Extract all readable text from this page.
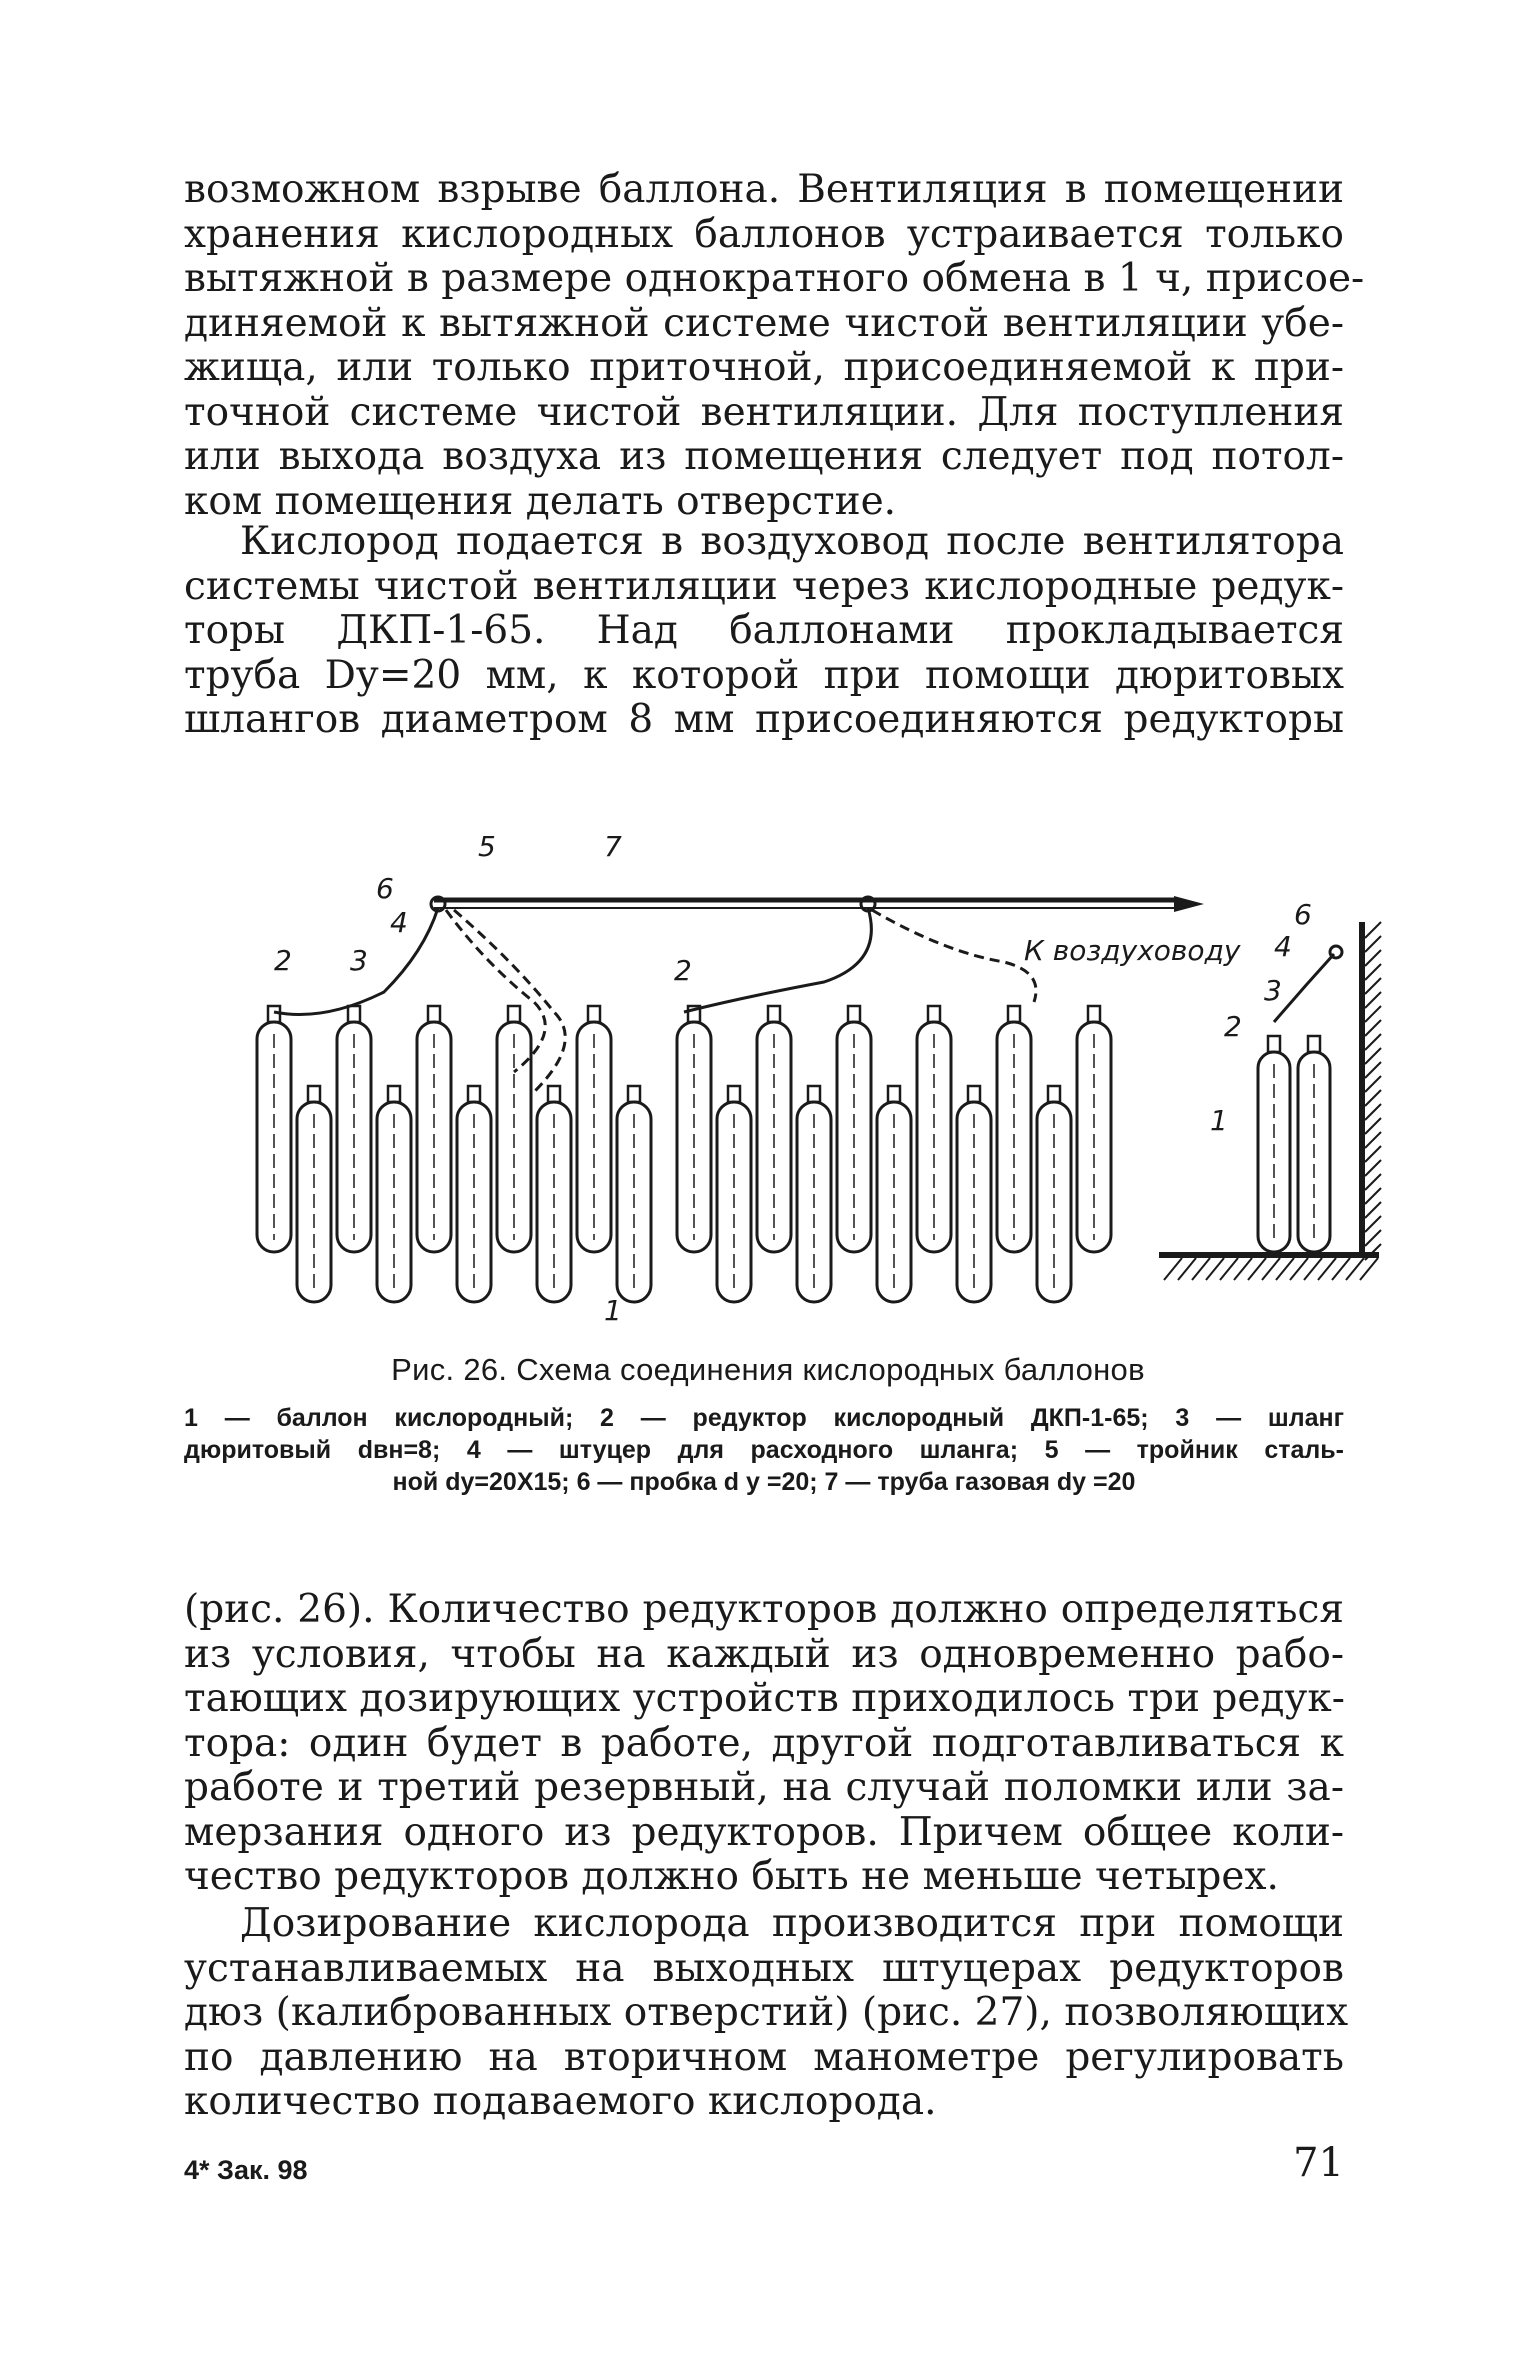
возможном взрыве баллона. Вентиляция в помещении
хранения кислородных баллонов устраивается только
вытяжной в размере однократного обмена в 1 ч, присое-
диняемой к вытяжной системе чистой вентиляции убе-
жища, или только приточной, присоединяемой к при-
точной системе чистой вентиляции. Для поступления
или выхода воздуха из помещения следует под потол-
ком помещения делать отверстие.
Кислород подается в воздуховод после вентилятора
системы чистой вентиляции через кислородные редук-
торы ДКП-1-65. Над баллонами прокладывается
труба Dу=20 мм, к которой при помощи дюритовых
шлангов диаметром 8 мм присоединяются редукторы
5	7
6
4
3
2	2
1
К воздуховоду
6
4
3
2
1
Рис. 26. Схема соединения кислородных баллонов
1 — баллон кислородный; 2 — редуктор кислородный ДКП-1-65; 3 — шланг
дюритовый dвн=8; 4 — штуцер для расходного шланга; 5 — тройник сталь-
ной dу=20X15; 6 — пробка d у =20; 7 — труба газовая dу =20
(рис. 26). Количество редукторов должно определяться
из условия, чтобы на каждый из одновременно рабо-
тающих дозирующих устройств приходилось три редук-
тора: один будет в работе, другой подготавливаться к
работе и третий резервный, на случай поломки или за-
мерзания одного из редукторов. Причем общее коли-
чество редукторов должно быть не меньше четырех.
Дозирование кислорода производится при помощи
устанавливаемых на выходных штуцерах редукторов
дюз (калиброванных отверстий) (рис. 27), позволяющих
по давлению на вторичном манометре регулировать
количество подаваемого кислорода.
4* Зак. 98	71
